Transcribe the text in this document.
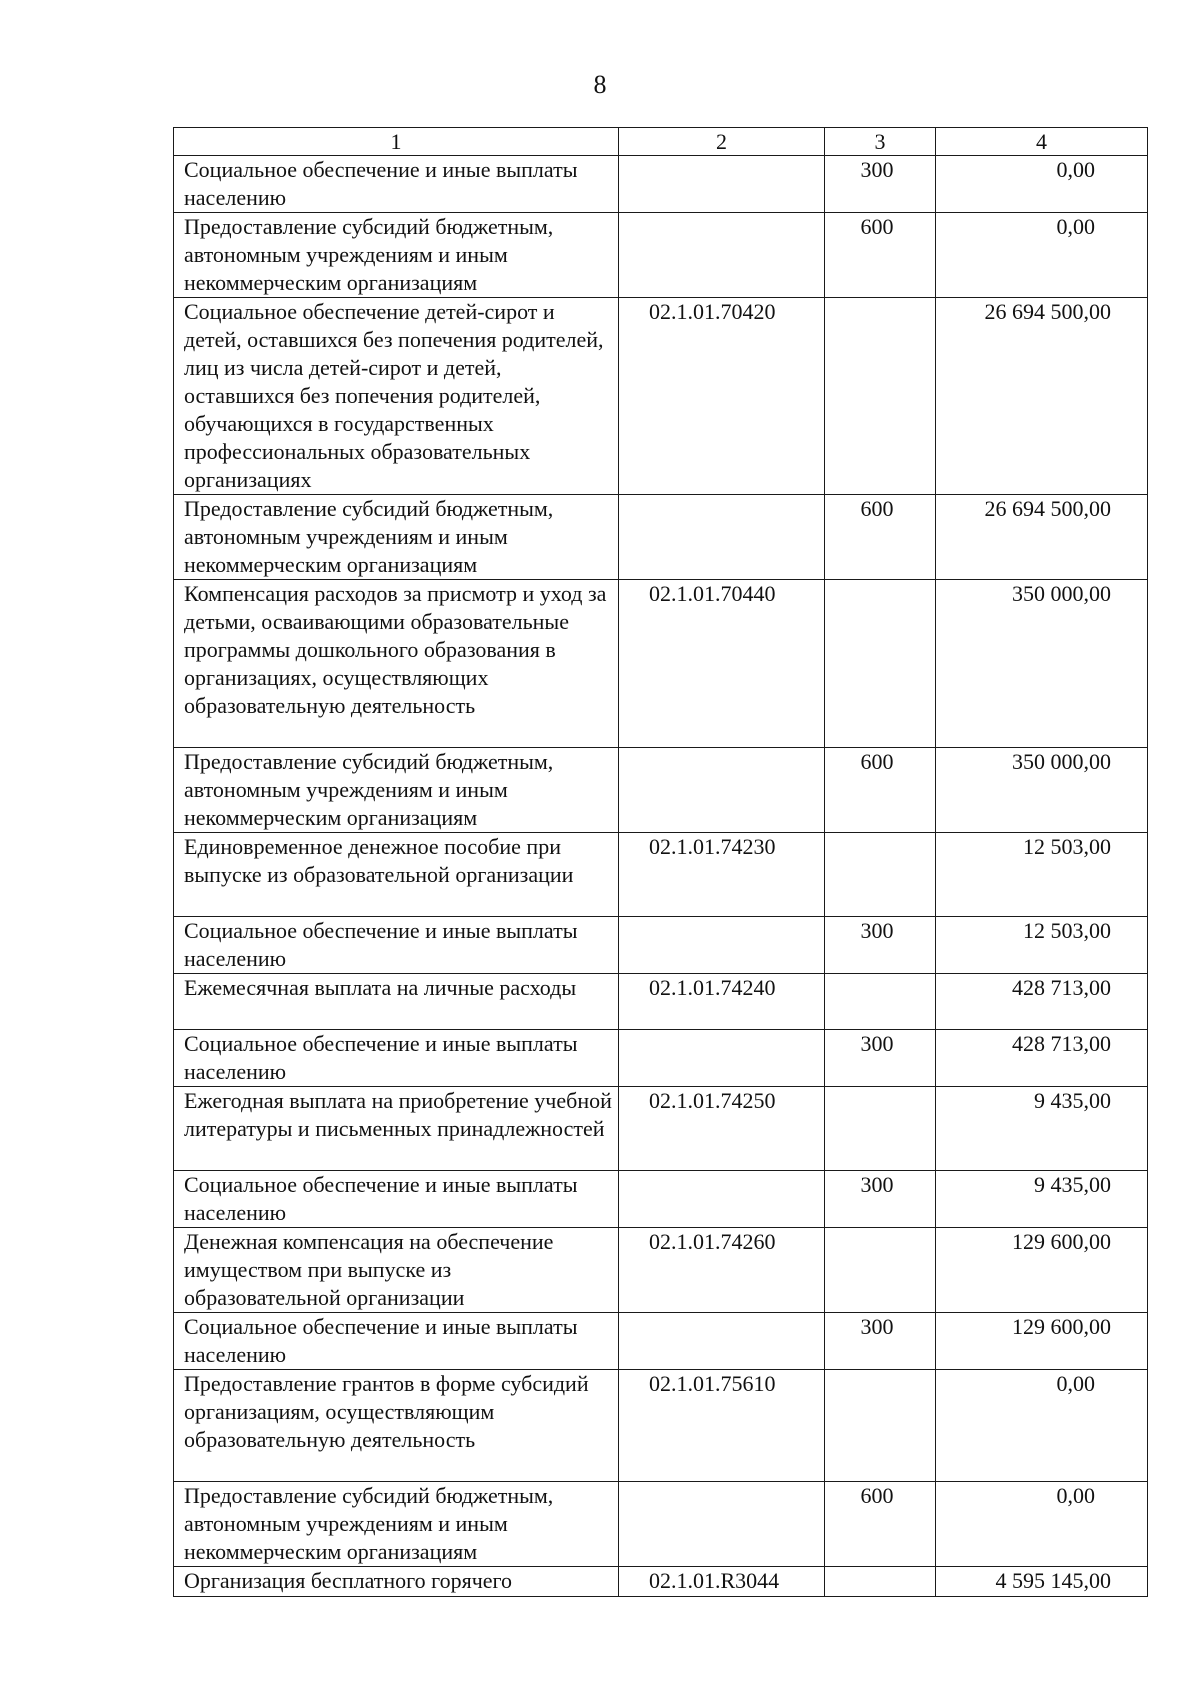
8
1	2	3	4
Социальное обеспечение и иные выплаты населению		300	0,00
Предоставление субсидий бюджетным, автономным учреждениям и иным некоммерческим организациям		600	0,00
Социальное обеспечение детей-сирот и детей, оставшихся без попечения родителей, лиц из числа детей-сирот и детей, оставшихся без попечения родителей, обучающихся в государственных профессиональных образовательных организациях	02.1.01.70420		26 694 500,00
Предоставление субсидий бюджетным, автономным учреждениям и иным некоммерческим организациям		600	26 694 500,00
Компенсация расходов за присмотр и уход за детьми, осваивающими образовательные программы дошкольного образования в организациях, осуществляющих образовательную деятельность	02.1.01.70440		350 000,00
Предоставление субсидий бюджетным, автономным учреждениям и иным некоммерческим организациям		600	350 000,00
Единовременное денежное пособие при выпуске из образовательной организации	02.1.01.74230		12 503,00
Социальное обеспечение и иные выплаты населению		300	12 503,00
Ежемесячная выплата на личные расходы	02.1.01.74240		428 713,00
Социальное обеспечение и иные выплаты населению		300	428 713,00
Ежегодная выплата на приобретение учебной литературы и письменных принадлежностей	02.1.01.74250		9 435,00
Социальное обеспечение и иные выплаты населению		300	9 435,00
Денежная компенсация на обеспечение имуществом при выпуске из образовательной организации	02.1.01.74260		129 600,00
Социальное обеспечение и иные выплаты населению		300	129 600,00
Предоставление грантов в форме субсидий организациям, осуществляющим образовательную деятельность	02.1.01.75610		0,00
Предоставление субсидий бюджетным, автономным учреждениям и иным некоммерческим организациям		600	0,00
Организация бесплатного горячего	02.1.01.R3044		4 595 145,00
